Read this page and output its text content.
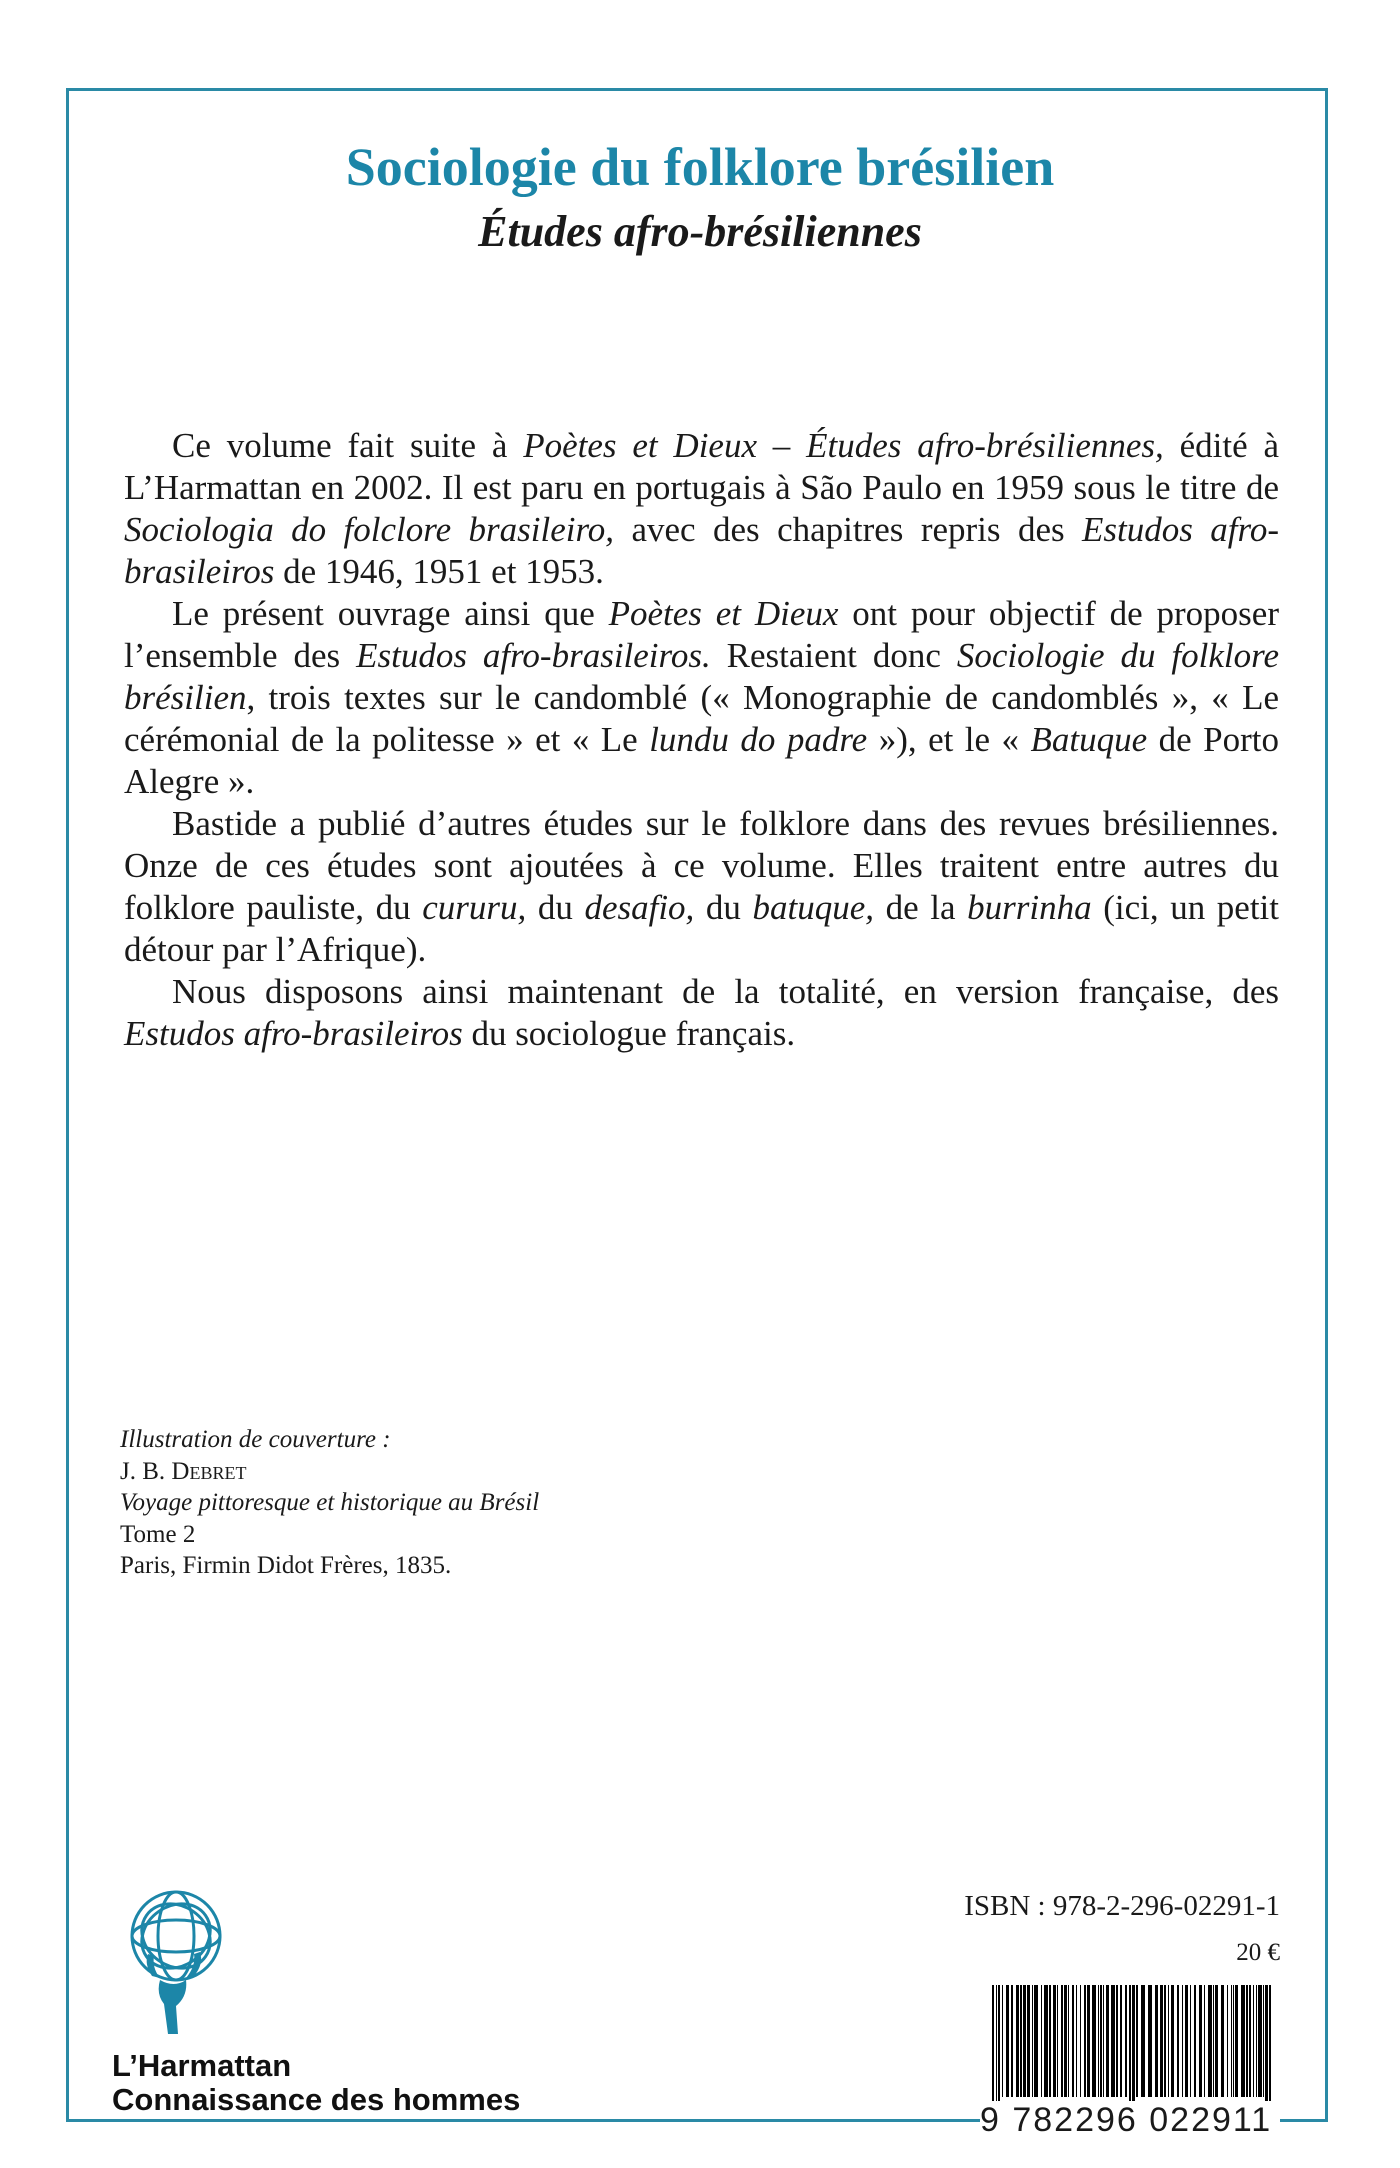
Sociologie du folklore brésilien
Études afro-brésiliennes

Ce volume fait suite à Poètes et Dieux – Études afro-brésiliennes, édité à L’Harmattan en 2002. Il est paru en portugais à São Paulo en 1959 sous le titre de Sociologia do folclore brasileiro, avec des chapitres repris des Estudos afro-brasileiros de 1946, 1951 et 1953.

Le présent ouvrage ainsi que Poètes et Dieux ont pour objectif de proposer l’ensemble des Estudos afro-brasileiros. Restaient donc Sociologie du folklore brésilien, trois textes sur le candomblé (« Monographie de candomblés », « Le cérémonial de la politesse » et « Le lundu do padre »), et le « Batuque de Porto Alegre ».

Bastide a publié d’autres études sur le folklore dans des revues brésiliennes. Onze de ces études sont ajoutées à ce volume. Elles traitent entre autres du folklore pauliste, du cururu, du desafio, du batuque, de la burrinha (ici, un petit détour par l’Afrique).

Nous disposons ainsi maintenant de la totalité, en version française, des Estudos afro-brasileiros du sociologue français.

Illustration de couverture :
J. B. Debret
Voyage pittoresque et historique au Brésil
Tome 2
Paris, Firmin Didot Frères, 1835.
ISBN : 978-2-296-02291-1
20 €
9 782296 022911
L’Harmattan
Connaissance des hommes
